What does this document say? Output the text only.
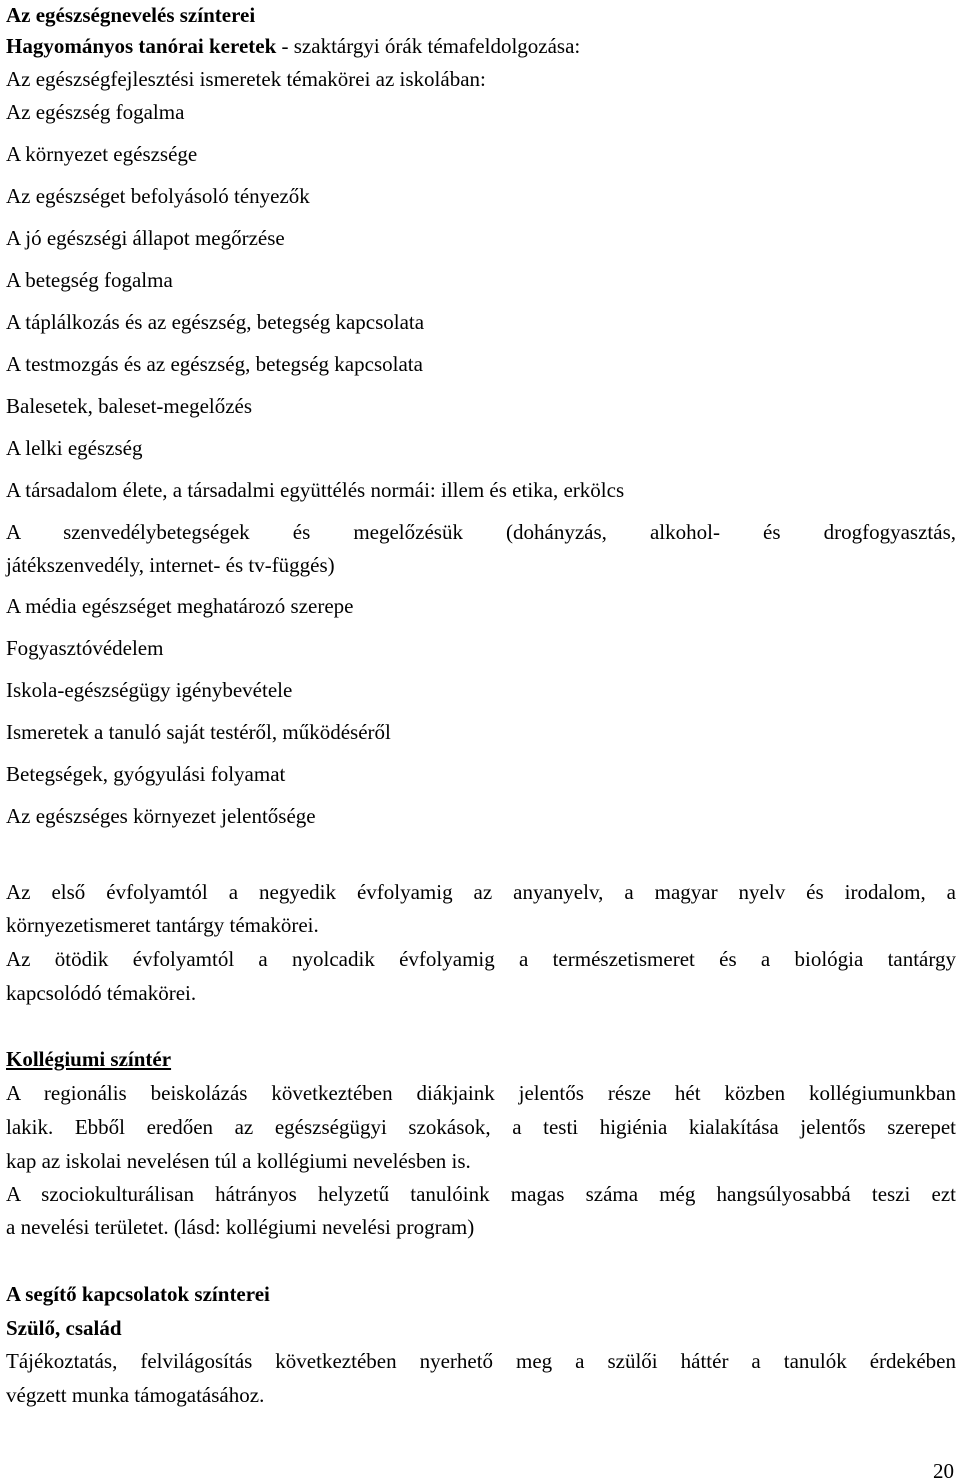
Az egészségnevelés színterei
Hagyományos tanórai keretek - szaktárgyi órák témafeldolgozása:
Az egészségfejlesztési ismeretek témakörei az iskolában:
Az egészség fogalma
A környezet egészsége
Az egészséget befolyásoló tényezők
A jó egészségi állapot megőrzése
A betegség fogalma
A táplálkozás és az egészség, betegség kapcsolata
A testmozgás és az egészség, betegség kapcsolata
Balesetek, baleset-megelőzés
A lelki egészség
A társadalom élete, a társadalmi együttélés normái: illem és etika, erkölcs
A szenvedélybetegségek és megelőzésük (dohányzás, alkohol- és drogfogyasztás,
játékszenvedély, internet- és tv-függés)
A média egészséget meghatározó szerepe
Fogyasztóvédelem
Iskola-egészségügy igénybevétele
Ismeretek a tanuló saját testéről, működéséről
Betegségek, gyógyulási folyamat
Az egészséges környezet jelentősége
Az első évfolyamtól a negyedik évfolyamig az anyanyelv, a magyar nyelv és irodalom, a
környezetismeret tantárgy témakörei.
Az ötödik évfolyamtól a nyolcadik évfolyamig a természetismeret és a biológia tantárgy
kapcsolódó témakörei.
Kollégiumi színtér
A regionális beiskolázás következtében diákjaink jelentős része hét közben kollégiumunkban
lakik. Ebből eredően az egészségügyi szokások, a testi higiénia kialakítása jelentős szerepet
kap az iskolai nevelésen túl a kollégiumi nevelésben is.
A szociokulturálisan hátrányos helyzetű tanulóink magas száma még hangsúlyosabbá teszi ezt
a nevelési területet. (lásd: kollégiumi nevelési program)
A segítő kapcsolatok színterei
Szülő, család
Tájékoztatás, felvilágosítás következtében nyerhető meg a szülői háttér a tanulók érdekében
végzett munka támogatásához.
20
